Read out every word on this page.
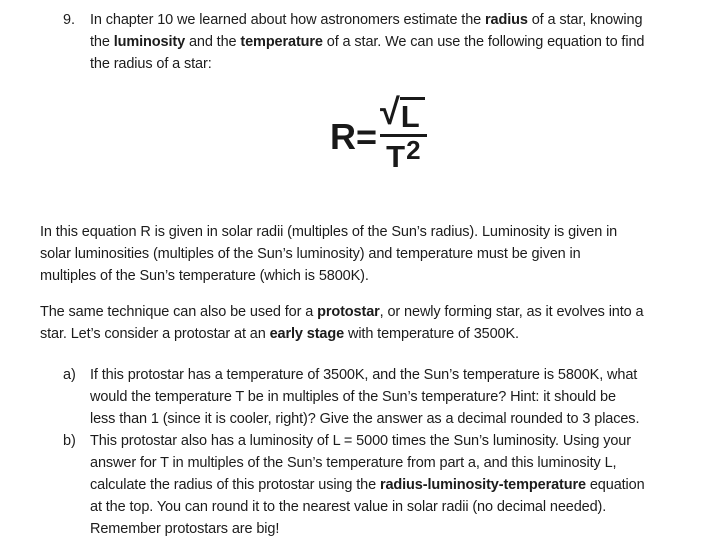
9. In chapter 10 we learned about how astronomers estimate the radius of a star, knowing
the luminosity and the temperature of a star. We can use the following equation to find
the radius of a star:
$R= \frac{√ L}{T^2}$
In this equation R is given in solar radii (multiples of the Sun’s radius). Luminosity is given in
solar luminosities (multiples of the Sun’s luminosity) and temperature must be given in
multiples of the Sun’s temperature (which is 5800K).
The same technique can also be used for a protostar, or newly forming star, as it evolves into a
star. Let’s consider a protostar at an early stage with temperature of 3500K.
a) If this protostar has a temperature of 3500K, and the Sun’s temperature is 5800K, what
would the temperature T be in multiples of the Sun’s temperature? Hint: it should be
less than 1 (since it is cooler, right)? Give the answer as a decimal rounded to 3 places.
b) This protostar also has a luminosity of L = 5000 times the Sun’s luminosity. Using your
answer for T in multiples of the Sun’s temperature from part a, and this luminosity L,
calculate the radius of this protostar using the radius-luminosity-temperature equation
at the top. You can round it to the nearest value in solar radii (no decimal needed).
Remember protostars are big!
